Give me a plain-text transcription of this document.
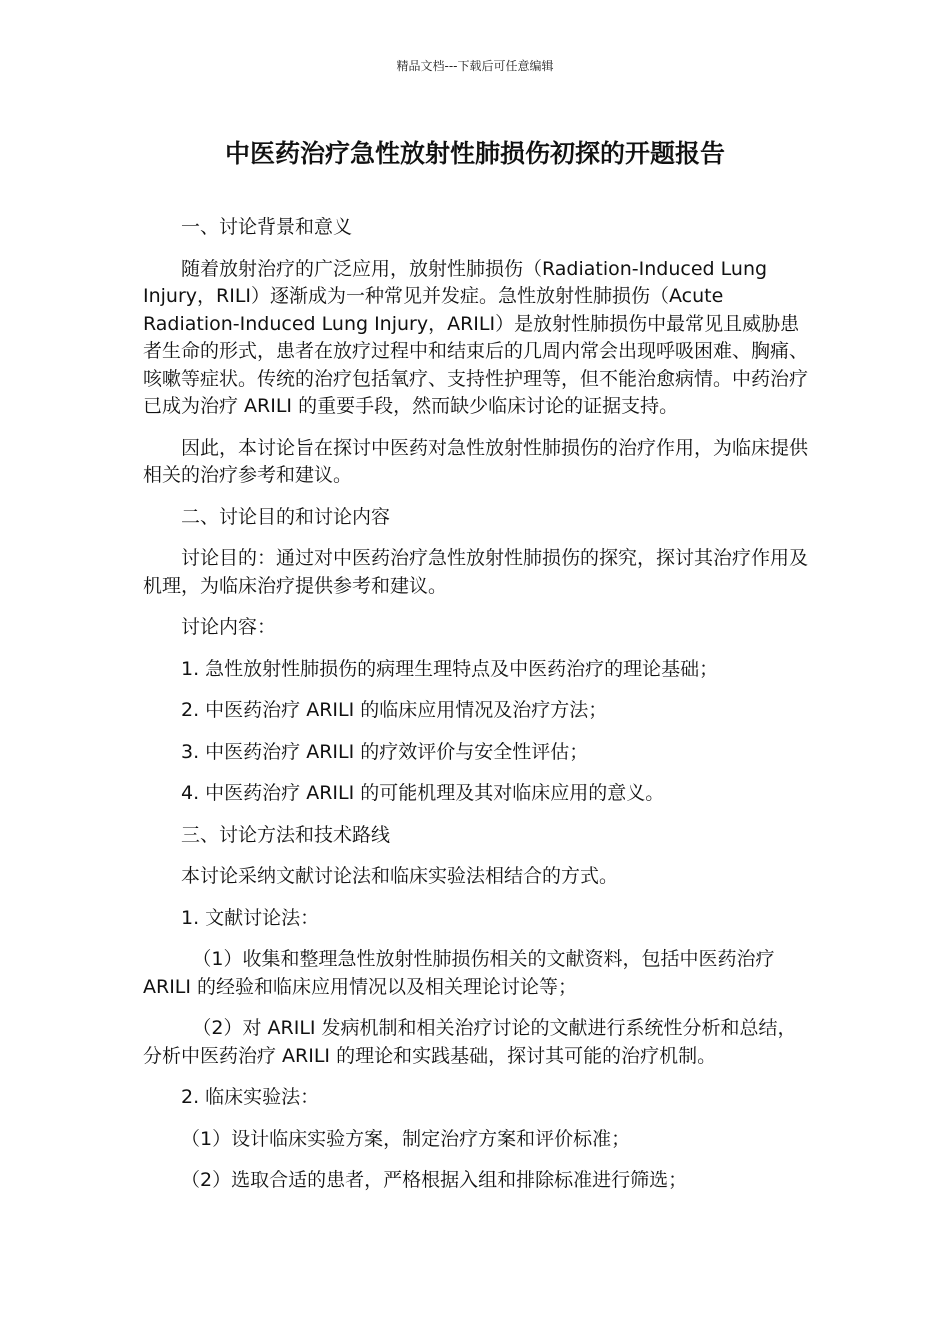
精品文档---下载后可任意编辑
中医药治疗急性放射性肺损伤初探的开题报告

一、讨论背景和意义

随着放射治疗的广泛应用，放射性肺损伤（Radiation-Induced Lung Injury，RILI）逐渐成为一种常见并发症。急性放射性肺损伤（Acute Radiation-Induced Lung Injury，ARILI）是放射性肺损伤中最常见且威胁患者生命的形式，患者在放疗过程中和结束后的几周内常会出现呼吸困难、胸痛、咳嗽等症状。传统的治疗包括氧疗、支持性护理等，但不能治愈病情。中药治疗已成为治疗 ARILI 的重要手段，然而缺少临床讨论的证据支持。

因此，本讨论旨在探讨中医药对急性放射性肺损伤的治疗作用，为临床提供相关的治疗参考和建议。

二、讨论目的和讨论内容

讨论目的：通过对中医药治疗急性放射性肺损伤的探究，探讨其治疗作用及机理，为临床治疗提供参考和建议。

讨论内容：

1. 急性放射性肺损伤的病理生理特点及中医药治疗的理论基础；

2. 中医药治疗 ARILI 的临床应用情况及治疗方法；

3. 中医药治疗 ARILI 的疗效评价与安全性评估；

4. 中医药治疗 ARILI 的可能机理及其对临床应用的意义。

三、讨论方法和技术路线

本讨论采纳文献讨论法和临床实验法相结合的方式。

1. 文献讨论法：

（1）收集和整理急性放射性肺损伤相关的文献资料，包括中医药治疗 ARILI 的经验和临床应用情况以及相关理论讨论等；

（2）对 ARILI 发病机制和相关治疗讨论的文献进行系统性分析和总结，分析中医药治疗 ARILI 的理论和实践基础，探讨其可能的治疗机制。

2. 临床实验法：

（1）设计临床实验方案，制定治疗方案和评价标准；

（2）选取合适的患者，严格根据入组和排除标准进行筛选；
